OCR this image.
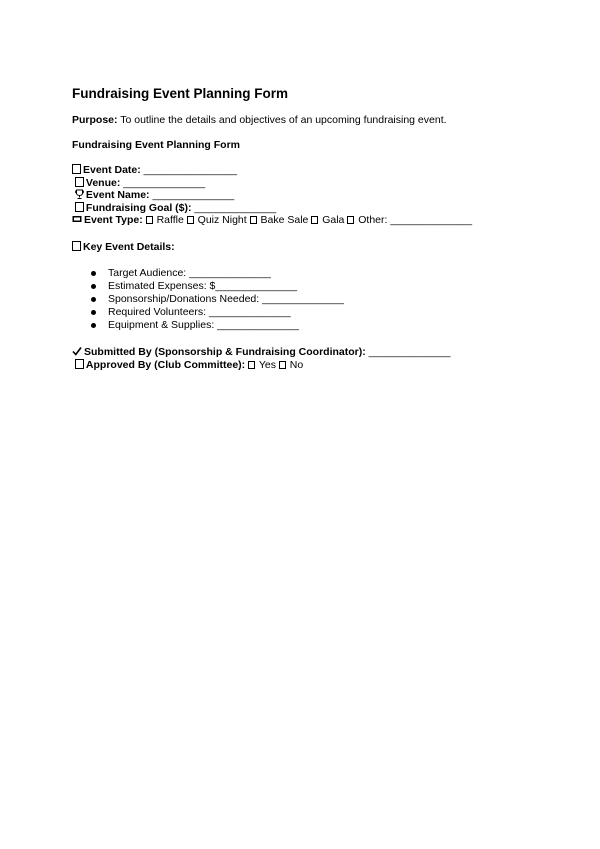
Fundraising Event Planning Form
Purpose: To outline the details and objectives of an upcoming fundraising event.
Fundraising Event Planning Form
Event Date: ________________

Venue: ______________

Event Name: ______________

Fundraising Goal ($): ______________
Event Type:  Raffle  Quiz Night  Bake Sale  Gala  Other: ______________
Key Event Details:
Target Audience: ______________
Estimated Expenses: $______________
Sponsorship/Donations Needed: ______________
Required Volunteers: ______________
Equipment & Supplies: ______________
Submitted By (Sponsorship & Fundraising Coordinator): ______________

Approved By (Club Committee):  Yes  No
